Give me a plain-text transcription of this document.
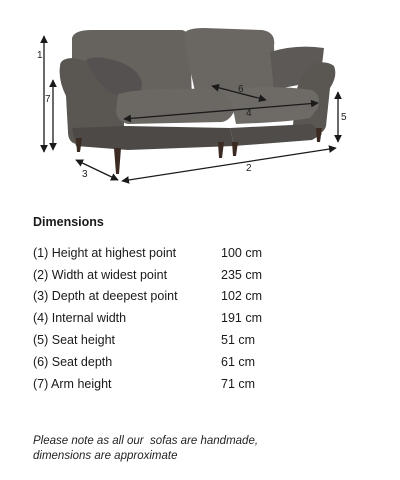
1
2
3
4	5
6
7
Dimensions
(1) Height at highest point	100 cm
(2) Width at widest point	235 cm
(3) Depth at deepest point	102 cm
(4) Internal width	191 cm
(5) Seat height	51 cm
(6) Seat depth	61 cm
(7) Arm height	71 cm
Please note as all our  sofas are handmade,
dimensions are approximate
